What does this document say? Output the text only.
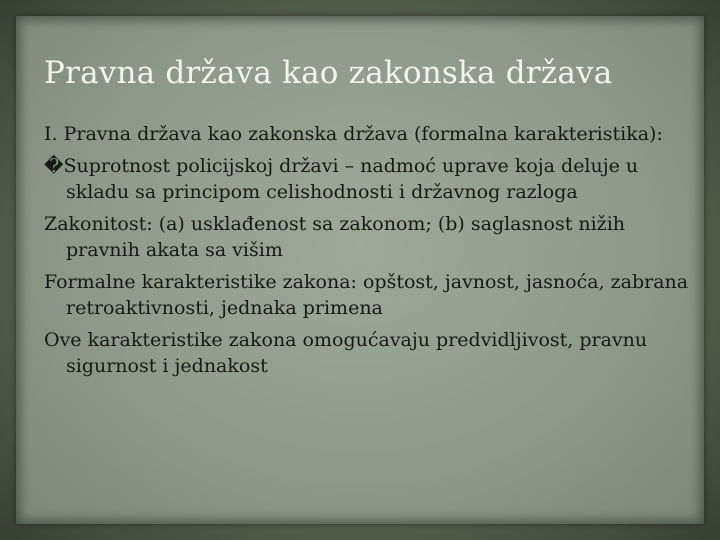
Pravna država kao zakonska država
I. Pravna država kao zakonska država (formalna karakteristika):
�Suprotnost policijskoj državi – nadmoć uprave koja deluje u skladu sa principom celishodnosti i državnog razloga
Zakonitost: (a) usklađenost sa zakonom; (b) saglasnost nižih pravnih akata sa višim
Formalne karakteristike zakona: opštost, javnost, jasnoća, zabrana retroaktivnosti, jednaka primena
Ove karakteristike zakona omogućavaju predvidljivost, pravnu sigurnost i jednakost
